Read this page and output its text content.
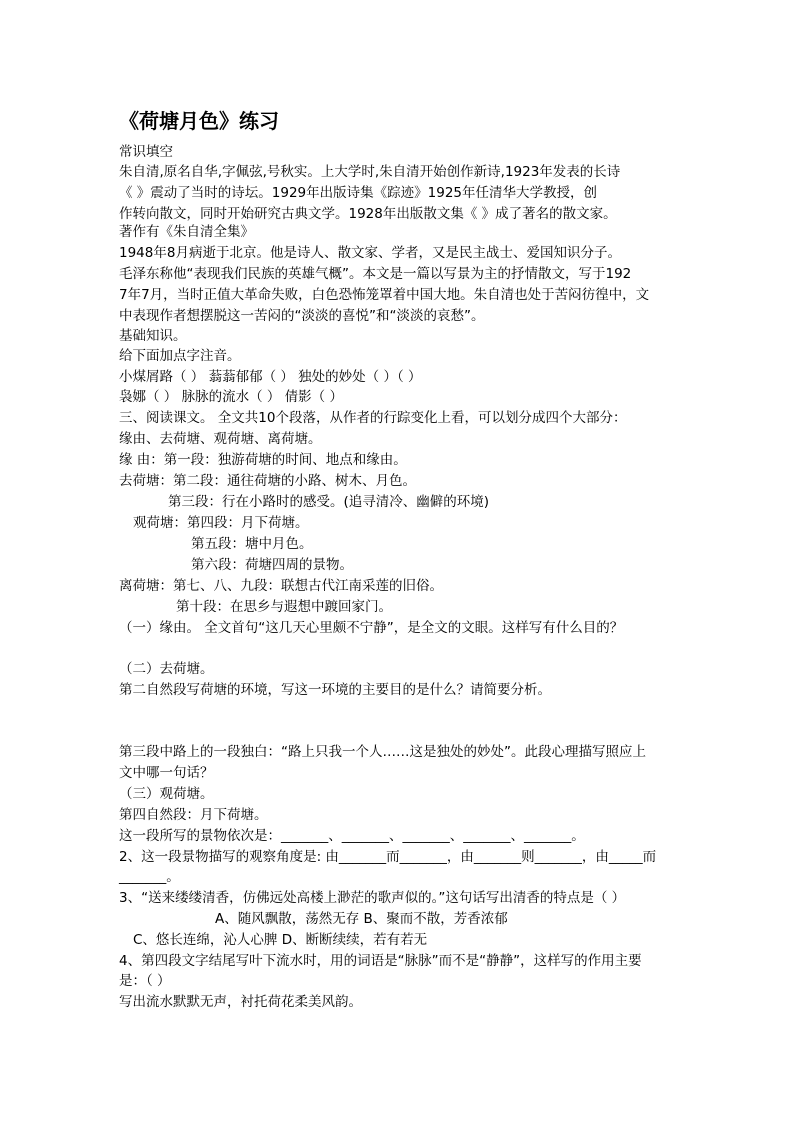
《荷塘月色》练习
常识填空
朱自清,原名自华,字佩弦,号秋实。上大学时,朱自清开始创作新诗,1923年发表的长诗
《 》震动了当时的诗坛。1929年出版诗集《踪迹》1925年任清华大学教授，创
作转向散文，同时开始研究古典文学。1928年出版散文集《 》成了著名的散文家。
著作有《朱自清全集》
1948年8月病逝于北京。他是诗人、散文家、学者，又是民主战士、爱国知识分子。
毛泽东称他“表现我们民族的英雄气概”。本文是一篇以写景为主的抒情散文，写于192
7年7月，当时正值大革命失败，白色恐怖笼罩着中国大地。朱自清也处于苦闷彷徨中，文
中表现作者想摆脱这一苦闷的“淡淡的喜悦”和“淡淡的哀愁”。
基础知识。
给下面加点字注音。
小煤屑路（ ） 蓊蓊郁郁（ ） 独处的妙处（ ）（ ）
袅娜（ ） 脉脉的流水（ ） 倩影（ ）
三、阅读课文。 全文共10个段落，从作者的行踪变化上看，可以划分成四个大部分：
缘由、去荷塘、观荷塘、离荷塘。
缘 由：第一段：独游荷塘的时间、地点和缘由。
去荷塘：第二段：通往荷塘的小路、树木、月色。
第三段：行在小路时的感受。(追寻清冷、幽僻的环境)
观荷塘：第四段：月下荷塘。
第五段：塘中月色。
第六段：荷塘四周的景物。
离荷塘：第七、八、九段：联想古代江南采莲的旧俗。
第十段：在思乡与遐想中踱回家门。
（一）缘由。 全文首句“这几天心里颇不宁静”，是全文的文眼。这样写有什么目的？
（二）去荷塘。
第二自然段写荷塘的环境，写这一环境的主要目的是什么？请简要分析。
第三段中路上的一段独白：“路上只我一个人……这是独处的妙处”。此段心理描写照应上
文中哪一句话？
（三）观荷塘。
第四自然段：月下荷塘。
这一段所写的景物依次是：_______、_______、_______、_______、_______。
2、这一段景物描写的观察角度是: 由_______而_______，由_______则_______，由_____而
_______。
3、“送来缕缕清香，仿佛远处高楼上渺茫的歌声似的。”这句话写出清香的特点是（ ）
A、随风飘散，荡然无存 B、聚而不散，芳香浓郁
C、悠长连绵，沁人心脾 D、断断续续，若有若无
4、第四段文字结尾写叶下流水时，用的词语是“脉脉”而不是“静静”，这样写的作用主要
是：（ ）
写出流水默默无声，衬托荷花柔美风韵。
